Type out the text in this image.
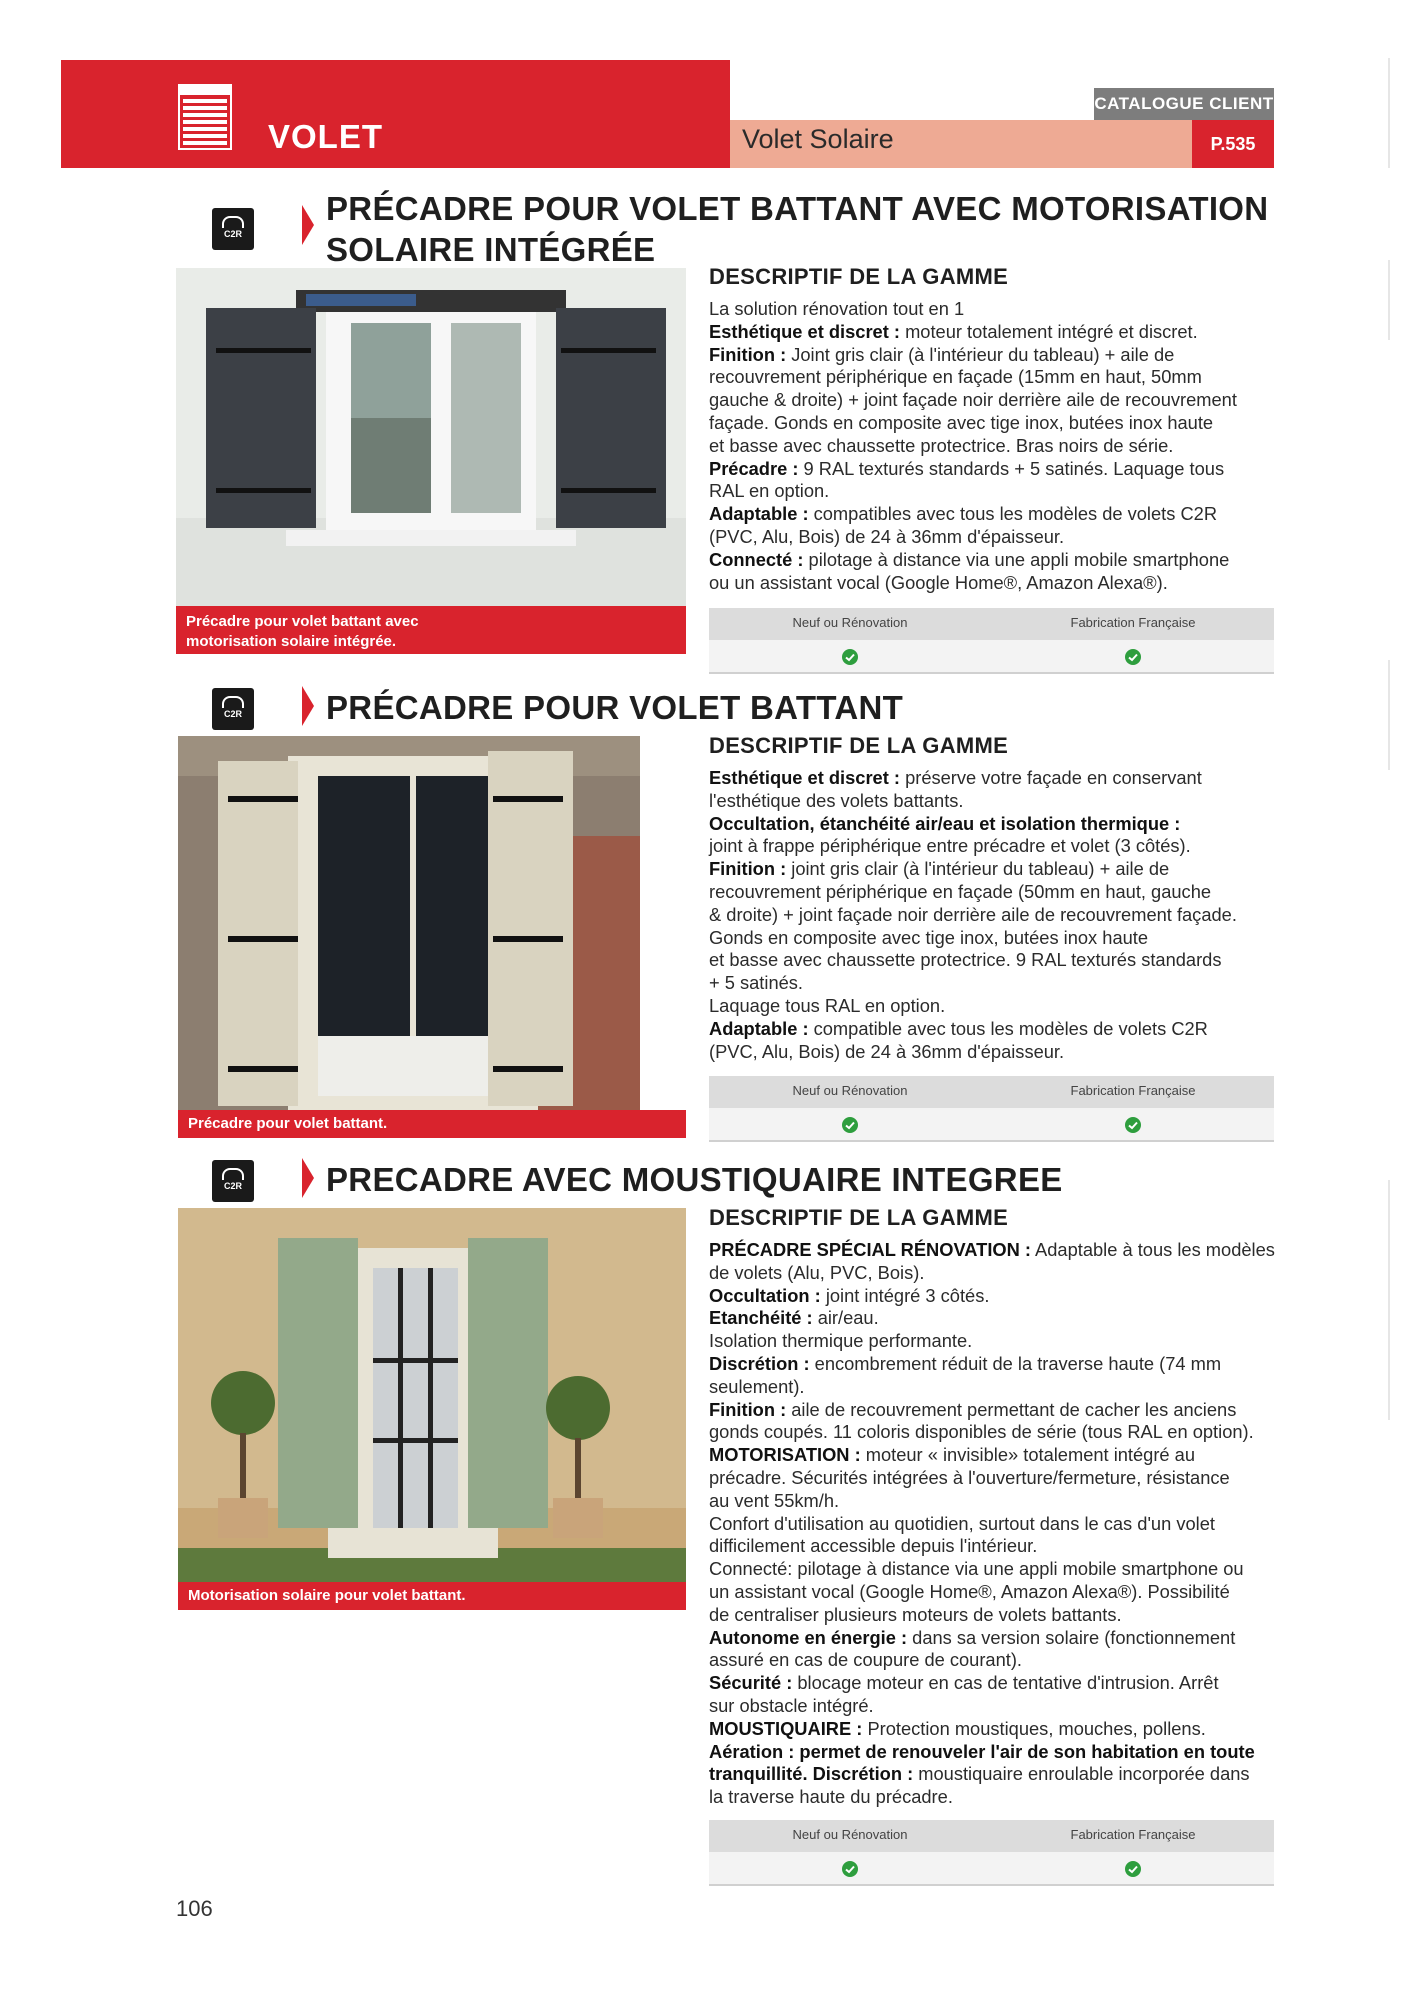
VOLET	Volet Solaire
CATALOGUE CLIENT
P.535
C2R
PRÉCADRE POUR VOLET BATTANT AVEC MOTORISATION
SOLAIRE INTÉGRÉE
Précadre pour volet battant avec
motorisation solaire intégrée.
DESCRIPTIF DE LA GAMME
La solution rénovation tout en 1
Esthétique et discret : moteur totalement intégré et discret.
Finition : Joint gris clair (à l'intérieur du tableau) + aile de
recouvrement périphérique en façade (15mm en haut, 50mm
gauche & droite) + joint façade noir derrière aile de recouvrement
façade. Gonds en composite avec tige inox, butées inox haute
et basse avec chaussette protectrice. Bras noirs de série.
Précadre : 9 RAL texturés standards + 5 satinés. Laquage tous
RAL en option.
Adaptable : compatibles avec tous les modèles de volets C2R
(PVC, Alu, Bois) de 24 à 36mm d'épaisseur.
Connecté : pilotage à distance via une appli mobile smartphone
ou un assistant vocal (Google Home®, Amazon Alexa®).
Neuf ou Rénovation	Fabrication Française
C2R	PRÉCADRE POUR VOLET BATTANT
Précadre pour volet battant.
DESCRIPTIF DE LA GAMME
Esthétique et discret : préserve votre façade en conservant
l'esthétique des volets battants.
Occultation, étanchéité air/eau et isolation thermique :
joint à frappe périphérique entre précadre et volet (3 côtés).
Finition : joint gris clair (à l'intérieur du tableau) + aile de
recouvrement périphérique en façade (50mm en haut, gauche
& droite) + joint façade noir derrière aile de recouvrement façade.
Gonds en composite avec tige inox, butées inox haute
et basse avec chaussette protectrice. 9 RAL texturés standards
+ 5 satinés.
Laquage tous RAL en option.
Adaptable : compatible avec tous les modèles de volets C2R
(PVC, Alu, Bois) de 24 à 36mm d'épaisseur.
Neuf ou Rénovation	Fabrication Française
C2R	PRECADRE AVEC MOUSTIQUAIRE INTEGREE
Motorisation solaire pour volet battant.
DESCRIPTIF DE LA GAMME
PRÉCADRE SPÉCIAL RÉNOVATION : Adaptable à tous les modèles
de volets (Alu, PVC, Bois).
Occultation : joint intégré 3 côtés.
Etanchéité : air/eau.
Isolation thermique performante.
Discrétion : encombrement réduit de la traverse haute (74 mm
seulement).
Finition : aile de recouvrement permettant de cacher les anciens
gonds coupés. 11 coloris disponibles de série (tous RAL en option).
MOTORISATION : moteur « invisible» totalement intégré au
précadre. Sécurités intégrées à l'ouverture/fermeture, résistance
au vent 55km/h.
Confort d'utilisation au quotidien, surtout dans le cas d'un volet
difficilement accessible depuis l'intérieur.
Connecté: pilotage à distance via une appli mobile smartphone ou
un assistant vocal (Google Home®, Amazon Alexa®). Possibilité
de centraliser plusieurs moteurs de volets battants.
Autonome en énergie : dans sa version solaire (fonctionnement
assuré en cas de coupure de courant).
Sécurité : blocage moteur en cas de tentative d'intrusion. Arrêt
sur obstacle intégré.
MOUSTIQUAIRE : Protection moustiques, mouches, pollens.
Aération : permet de renouveler l'air de son habitation en toute
tranquillité. Discrétion : moustiquaire enroulable incorporée dans
la traverse haute du précadre.
Neuf ou Rénovation	Fabrication Française
106
